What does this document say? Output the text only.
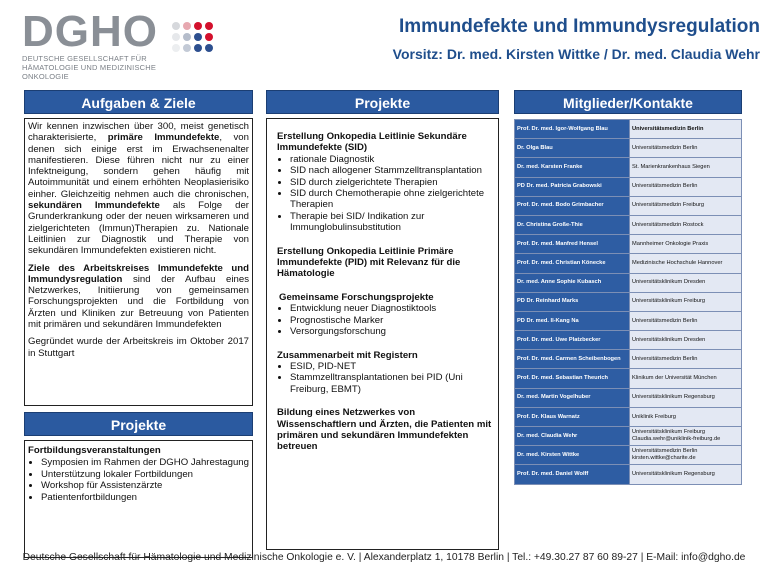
DGHO
DEUTSCHE GESELLSCHAFT FÜR
HÄMATOLOGIE UND MEDIZINISCHE ONKOLOGIE
Immundefekte und Immundysregulation
Vorsitz: Dr. med. Kirsten Wittke / Dr. med. Claudia Wehr
Aufgaben & Ziele

Wir kennen inzwischen über 300, meist genetisch charakterisierte, primäre Immundefekte, von denen sich einige erst im Erwachsenenalter manifestieren. Diese führen nicht nur zu einer Infektneigung, sondern gehen häufig mit Autoimmunität und einem erhöhten Neoplasierisiko einher. Gleichzeitig nehmen auch die chronischen, sekundären Immundefekte als Folge der Grunderkrankung oder der neuen wirksameren und zielgerichteten (Immun)Therapien zu. Nationale Leitlinien zur Diagnostik und Therapie von sekundären Immundefekten existieren nicht.

Ziele des Arbeitskreises Immundefekte und Immundysregulation sind der Aufbau eines Netzwerkes, Initiierung von gemeinsamen Forschungsprojekten und die Fortbildung von Ärzten und Kliniken zur Betreuung von Patienten mit primären und sekundären Immundefekten

Gegründet wurde der Arbeitskreis im Oktober 2017 in Stuttgart

Projekte
Fortbildungsveranstaltungen
• Symposien im Rahmen der DGHO Jahrestagung
• Unterstützung lokaler Fortbildungen
• Workshop für Assistenzärzte
• Patientenfortbildungen
Projekte
Erstellung Onkopedia Leitlinie Sekundäre Immundefekte (SID)
• rationale Diagnostik
• SID nach allogener Stammzelltransplantation
• SID durch zielgerichtete Therapien
• SID durch Chemotherapie ohne zielgerichtete Therapien
• Therapie bei SID/ Indikation zur Immunglobulinsubstitution
Erstellung Onkopedia Leitlinie Primäre Immundefekte (PID) mit Relevanz für die Hämatologie
Gemeinsame Forschungsprojekte
• Entwicklung neuer Diagnostiktools
• Prognostische Marker
• Versorgungsforschung
Zusammenarbeit mit Registern
• ESID, PID-NET
• Stammzelltransplantationen bei PID (Uni Freiburg, EBMT)
Bildung eines Netzwerkes von Wissenschaftlern und Ärzten, die Patienten mit primären und sekundären Immundefekten betreuen
Mitglieder/Kontakte
Prof. Dr. med. Igor-Wolfgang Blau	Universitätsmedizin Berlin

Dr. Olga Blau	Universitätsmedizin Berlin

Dr. med. Karsten Franke	St. Marienkrankenhaus Siegen

PD Dr. med. Patricia Grabowski	Universitätsmedizin Berlin

Prof. Dr. med. Bodo Grimbacher	Universitätsmedizin Freiburg

Dr. Christina Große-Thie	Universitätsmedizin Rostock

Prof. Dr. med. Manfred Hensel	Mannheimer Onkologie Praxis

Prof. Dr. med. Christian Könecke	Medizinische Hochschule Hannover

Dr. med. Anne Sophie Kubasch	Universitätsklinikum Dresden

PD Dr. Reinhard Marks	Universitätsklinikum Freiburg

PD Dr. med. Il-Kang Na	Universitätsmedizin Berlin

Prof. Dr. med. Uwe Platzbecker	Universitätsklinikum Dresden

Prof. Dr. med. Carmen Scheibenbogen	Universitätsmedizin Berlin

Prof. Dr. med. Sebastian Theurich	Klinikum der Universität München

Dr. med. Martin Vogelhuber	Universitätsklinikum Regensburg

Prof. Dr. Klaus Warnatz	Uniklinik Freiburg

Dr. med. Claudia Wehr	Universitätsklinikum Freiburg
Claudia.wehr@uniklinik-freiburg.de

Dr. med. Kirsten Wittke	Universitätsmedizin Berlin
kirsten.wittke@charite.de

Prof. Dr. med. Daniel Wolff	Universitätsklinikum Regensburg
Deutsche Gesellschaft für Hämatologie und Medizinische Onkologie e. V. | Alexanderplatz 1, 10178 Berlin | Tel.: +49.30.27 87 60 89-27 | E-Mail: info@dgho.de
